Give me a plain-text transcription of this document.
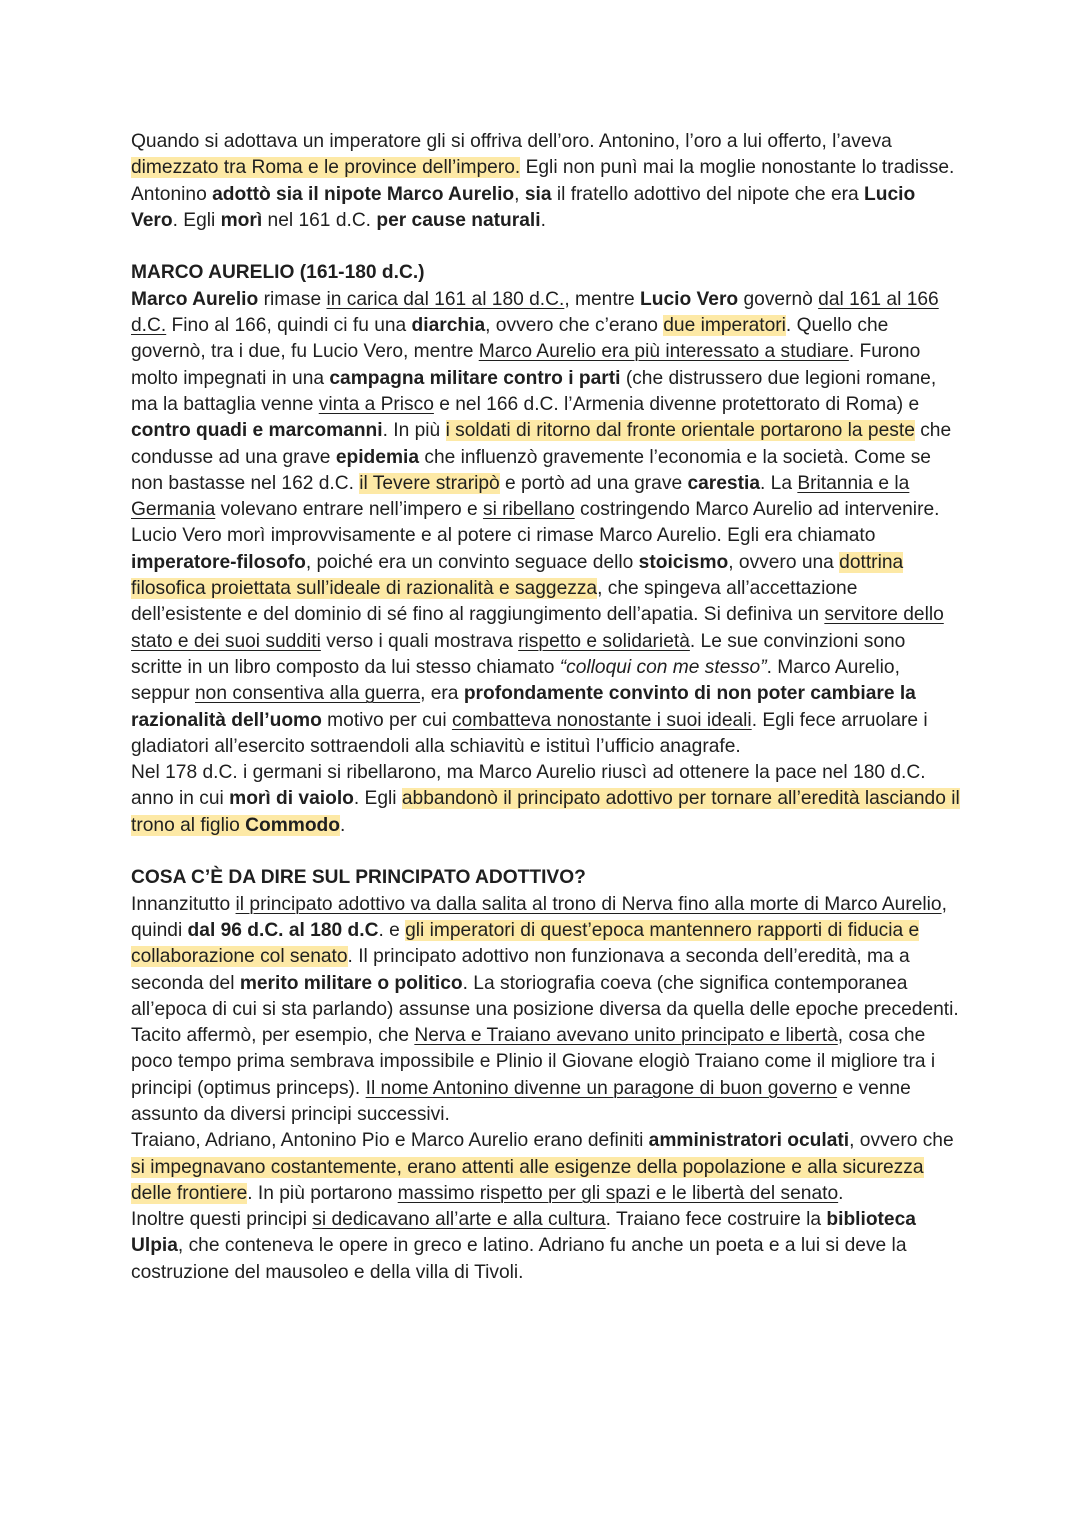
Quando si adottava un imperatore gli si offriva dell’oro. Antonino, l’oro a lui offerto, l’aveva dimezzato tra Roma e le province dell’impero. Egli non punì mai la moglie nonostante lo tradisse. Antonino adottò sia il nipote Marco Aurelio, sia il fratello adottivo del nipote che era Lucio Vero. Egli morì nel 161 d.C. per cause naturali.

MARCO AURELIO (161-180 d.C.)

Marco Aurelio rimase in carica dal 161 al 180 d.C., mentre Lucio Vero governò dal 161 al 166 d.C. Fino al 166, quindi ci fu una diarchia, ovvero che c’erano due imperatori. Quello che governò, tra i due, fu Lucio Vero, mentre Marco Aurelio era più interessato a studiare. Furono molto impegnati in una campagna militare contro i parti (che distrussero due legioni romane, ma la battaglia venne vinta a Prisco e nel 166 d.C. l’Armenia divenne protettorato di Roma) e contro quadi e marcomanni. In più i soldati di ritorno dal fronte orientale portarono la peste che condusse ad una grave epidemia che influenzò gravemente l’economia e la società. Come se non bastasse nel 162 d.C. il Tevere straripò e portò ad una grave carestia. La Britannia e la Germania volevano entrare nell’impero e si ribellano costringendo Marco Aurelio ad intervenire. Lucio Vero morì improvvisamente e al potere ci rimase Marco Aurelio. Egli era chiamato imperatore-filosofo, poiché era un convinto seguace dello stoicismo, ovvero una dottrina filosofica proiettata sull’ideale di razionalità e saggezza, che spingeva all’accettazione dell’esistente e del dominio di sé fino al raggiungimento dell’apatia. Si definiva un servitore dello stato e dei suoi sudditi verso i quali mostrava rispetto e solidarietà. Le sue convinzioni sono scritte in un libro composto da lui stesso chiamato “colloqui con me stesso”. Marco Aurelio, seppur non consentiva alla guerra, era profondamente convinto di non poter cambiare la razionalità dell’uomo motivo per cui combatteva nonostante i suoi ideali. Egli fece arruolare i gladiatori all’esercito sottraendoli alla schiavitù e istituì l’ufficio anagrafe.

Nel 178 d.C. i germani si ribellarono, ma Marco Aurelio riuscì ad ottenere la pace nel 180 d.C. anno in cui morì di vaiolo. Egli abbandonò il principato adottivo per tornare all’eredità lasciando il trono al figlio Commodo.

COSA C’È DA DIRE SUL PRINCIPATO ADOTTIVO?

Innanzitutto il principato adottivo va dalla salita al trono di Nerva fino alla morte di Marco Aurelio, quindi dal 96 d.C. al 180 d.C. e gli imperatori di quest’epoca mantennero rapporti di fiducia e collaborazione col senato. Il principato adottivo non funzionava a seconda dell’eredità, ma a seconda del merito militare o politico. La storiografia coeva (che significa contemporanea all’epoca di cui si sta parlando) assunse una posizione diversa da quella delle epoche precedenti. Tacito affermò, per esempio, che Nerva e Traiano avevano unito principato e libertà, cosa che poco tempo prima sembrava impossibile e Plinio il Giovane elogiò Traiano come il migliore tra i principi (optimus princeps). Il nome Antonino divenne un paragone di buon governo e venne assunto da diversi principi successivi.

Traiano, Adriano, Antonino Pio e Marco Aurelio erano definiti amministratori oculati, ovvero che si impegnavano costantemente, erano attenti alle esigenze della popolazione e alla sicurezza delle frontiere. In più portarono massimo rispetto per gli spazi e le libertà del senato.

Inoltre questi principi si dedicavano all’arte e alla cultura. Traiano fece costruire la biblioteca Ulpia, che conteneva le opere in greco e latino. Adriano fu anche un poeta e a lui si deve la costruzione del mausoleo e della villa di Tivoli.
